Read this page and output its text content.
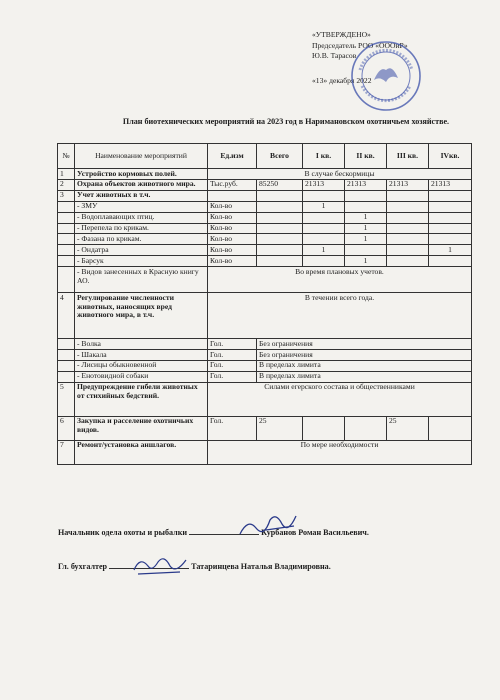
«УТВЕРЖДЕНО»
Председатель РОО «ОООиР»
Ю.В. Тарасов
«13» декабря 2022
План биотехнических мероприятий на 2023 год в Наримановском охотничьем хозяйстве.
№	Наименование мероприятий	Ед.изм	Всего	I кв.	II кв.	III кв.	IVкв.
1	Устройство кормовых полей.	В случае бескормицы					
2	Охрана объектов животного мира.	Тыс.руб.	85250	21313	21313	21313	21313
3	Учет животных в т.ч.						
	- ЗМУ	Кол-во		1			
	- Водоплавающих птиц.	Кол-во			1		
	- Перепела по крикам.	Кол-во			1		
	- Фазана по крикам.	Кол-во			1		
	- Ондатра	Кол-во		1			1
	- Барсук	Кол-во			1		
	- Видов занесенных в Красную книгу АО.	Во время плановых учетов.					
4	Регулирование численности животных, наносящих вред животного мира, в т.ч.	В течении всего года.					
	- Волка	Гол.	Без ограничения				
	- Шакала	Гол.	Без ограничения				
	- Лисицы обыкновенной	Гол.	В пределах лимита				
	- Енотовидной собаки	Гол.	В пределах лимита				
5	Предупреждение гибели животных от стихийных бедствий.	Силами егерского состава и общественниками					
6	Закупка и расселение охотничьих видов.	Гол.	25			25	
7	Ремонт/установка аншлагов.	По мере необходимости					
Начальник одела охоты и рыбалки	Курбанов Роман Васильевич.
Гл. бухгалтер	Татаринцева Наталья Владимировна.
